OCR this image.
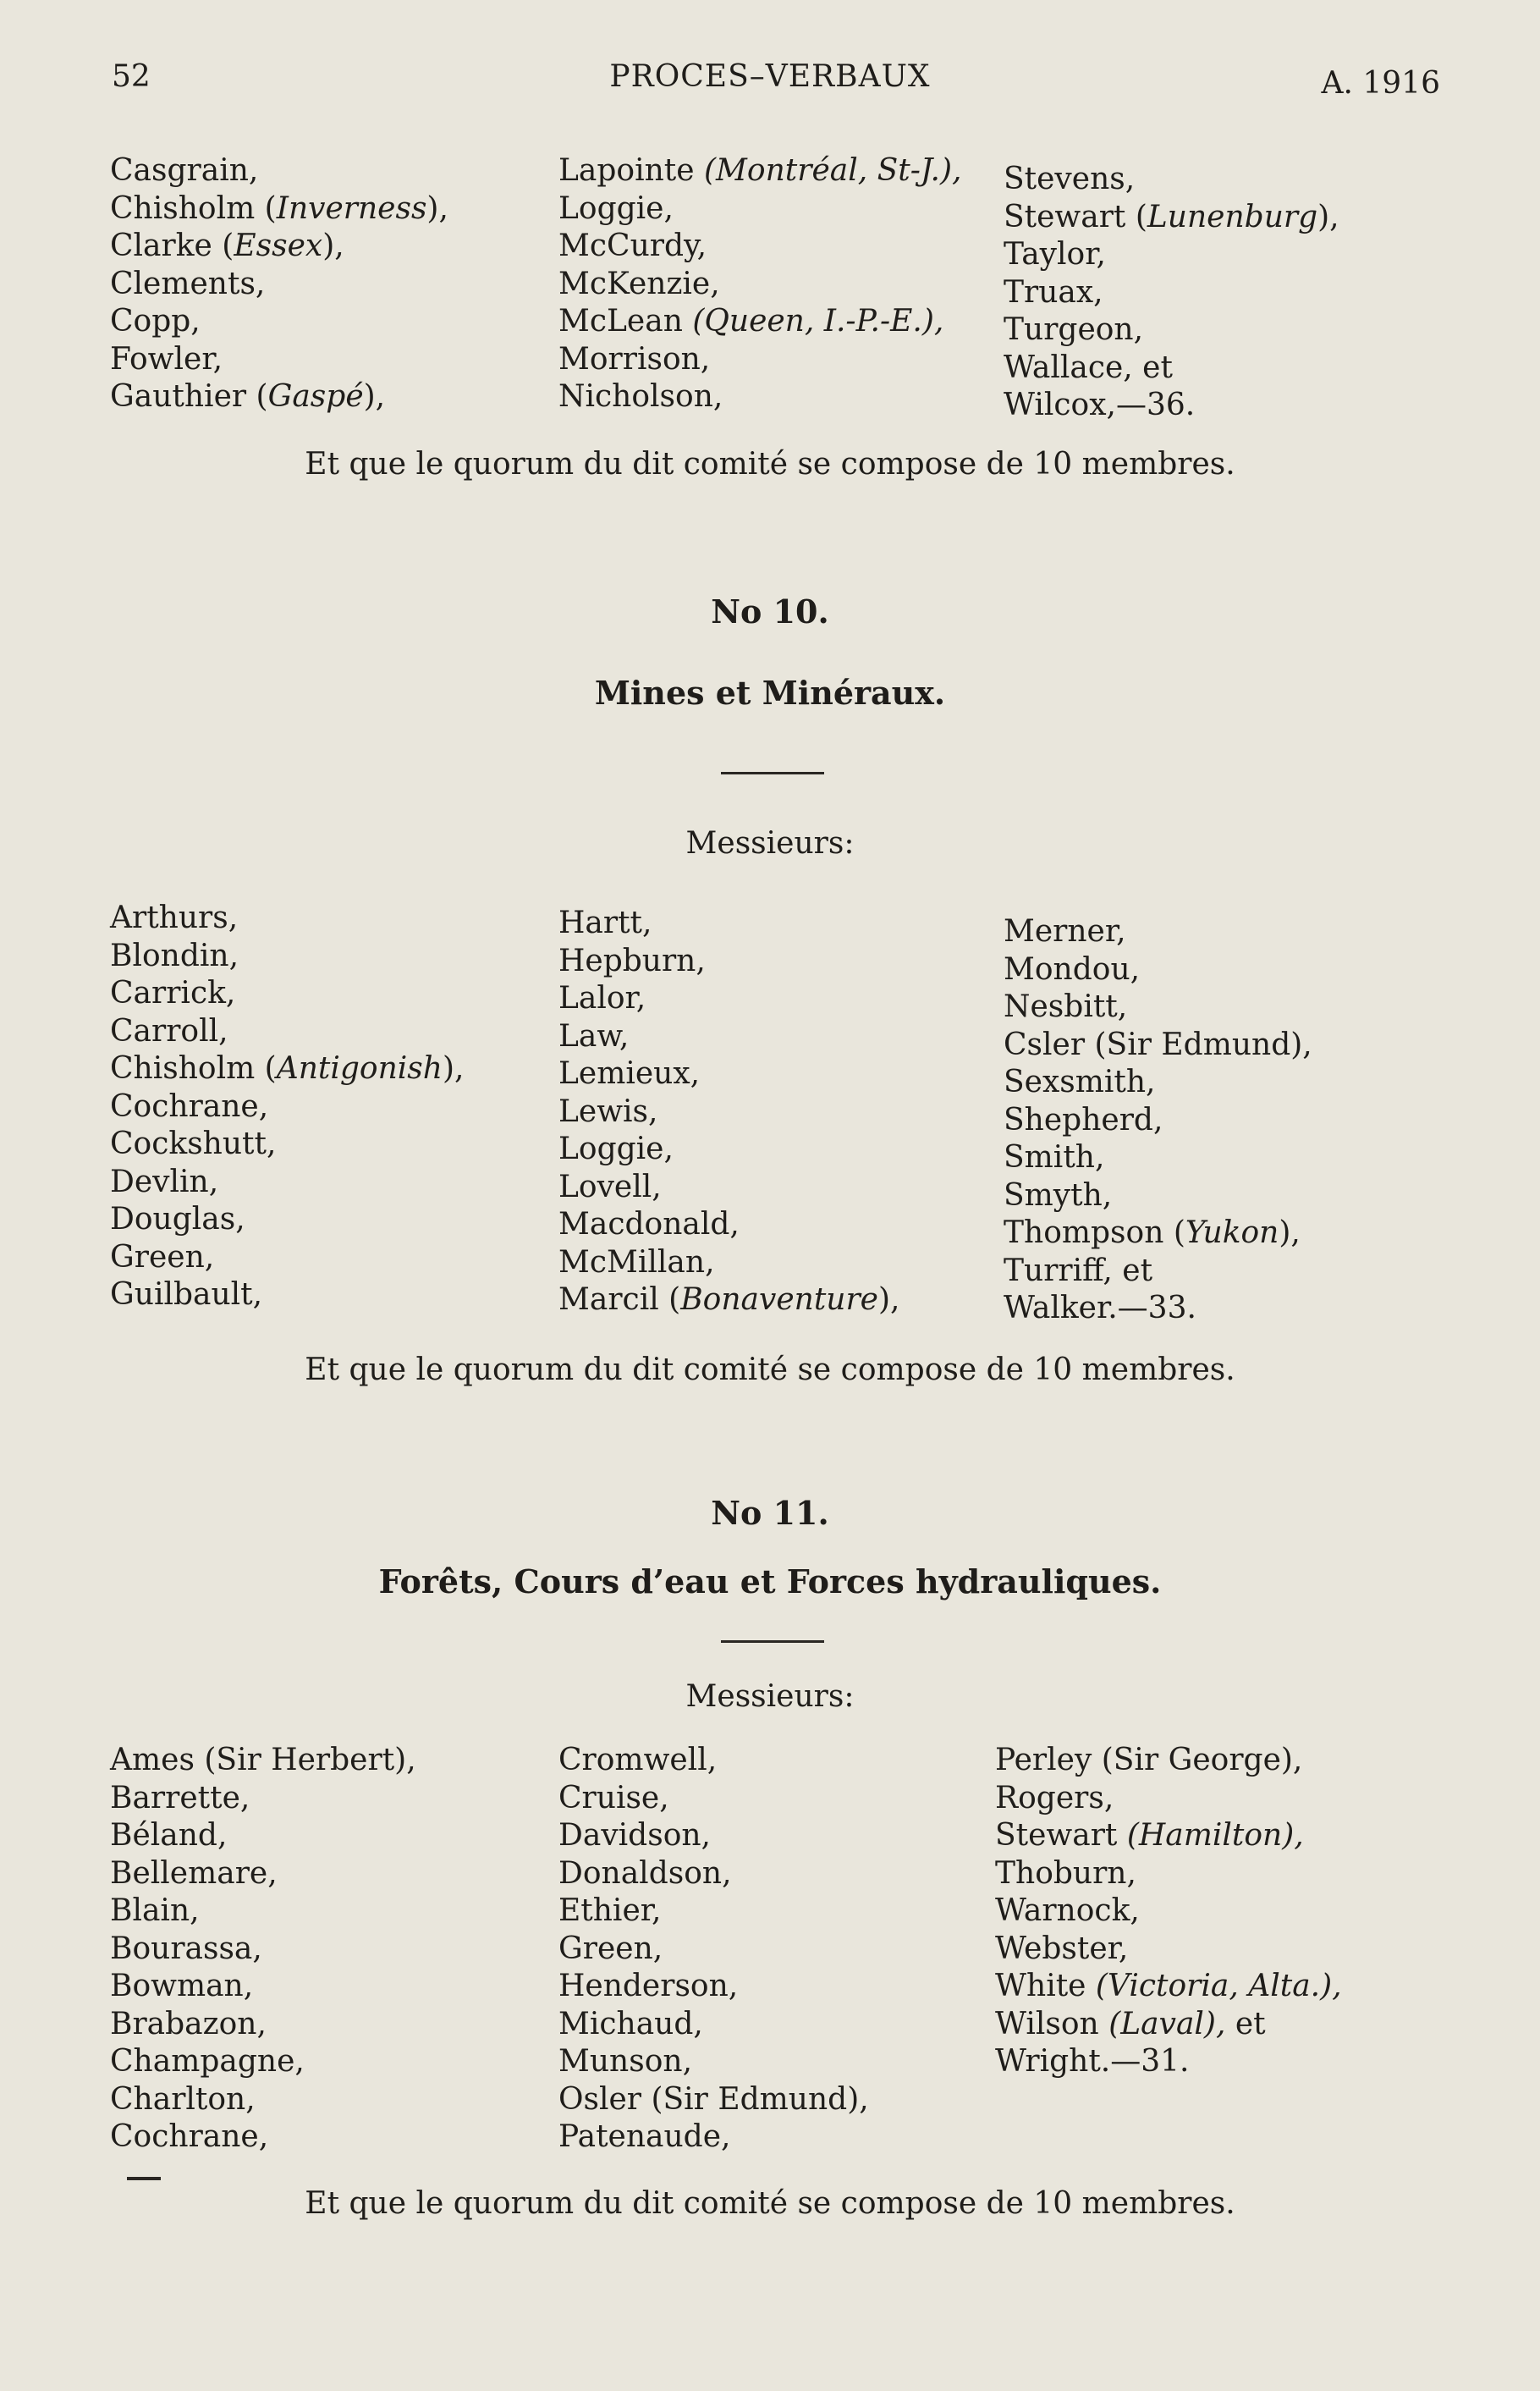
52	PROCES–VERBAUX	A. 1916
Casgrain,
Chisholm (Inverness),
Clarke (Essex),
Clements,
Copp,
Fowler,
Gauthier (Gaspé),
Lapointe (Montréal, St-J.),
Loggie,
McCurdy,
McKenzie,
McLean (Queen, I.-P.-E.),
Morrison,
Nicholson,
Stevens,
Stewart (Lunenburg),
Taylor,
Truax,
Turgeon,
Wallace, et
Wilcox,—36.
Et que le quorum du dit comité se compose de 10 membres.
No 10.
Mines et Minéraux.
Messieurs:
Arthurs,
Blondin,
Carrick,
Carroll,
Chisholm (Antigonish),
Cochrane,
Cockshutt,
Devlin,
Douglas,
Green,
Guilbault,
Hartt,
Hepburn,
Lalor,
Law,
Lemieux,
Lewis,
Loggie,
Lovell,
Macdonald,
McMillan,
Marcil (Bonaventure),
Merner,
Mondou,
Nesbitt,
Csler (Sir Edmund),
Sexsmith,
Shepherd,
Smith,
Smyth,
Thompson (Yukon),
Turriff, et
Walker.—33.
Et que le quorum du dit comité se compose de 10 membres.
No 11.
Forêts, Cours d’eau et Forces hydrauliques.
Messieurs:
Ames (Sir Herbert),
Barrette,
Béland,
Bellemare,
Blain,
Bourassa,
Bowman,
Brabazon,
Champagne,
Charlton,
Cochrane,
Cromwell,
Cruise,
Davidson,
Donaldson,
Ethier,
Green,
Henderson,
Michaud,
Munson,
Osler (Sir Edmund),
Patenaude,
Perley (Sir George),
Rogers,
Stewart (Hamilton),
Thoburn,
Warnock,
Webster,
White (Victoria, Alta.),
Wilson (Laval), et
Wright.—31.
Et que le quorum du dit comité se compose de 10 membres.
